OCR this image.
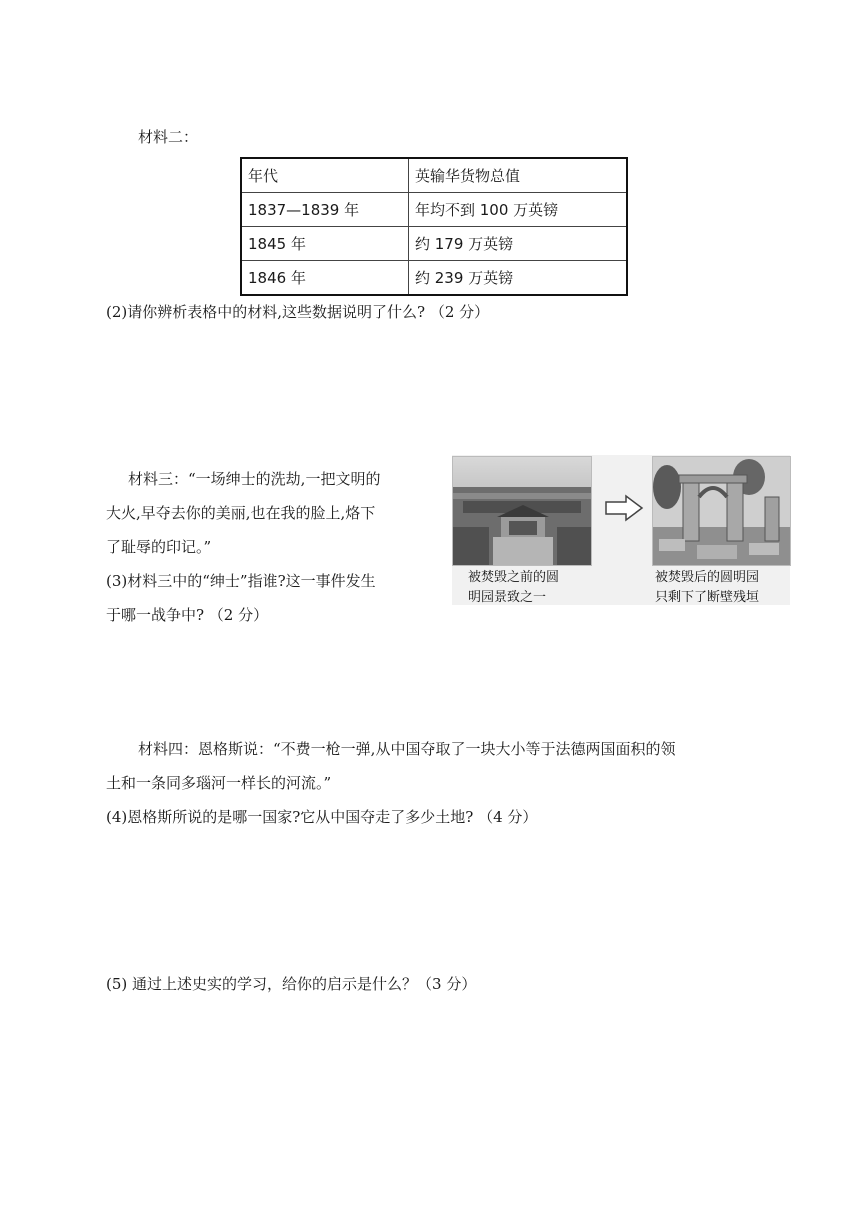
材料二：
年代	英输华货物总值
1837—1839 年	年均不到 100 万英镑
1845 年	约 179 万英镑
1846 年	约 239 万英镑
(2)请你辨析表格中的材料,这些数据说明了什么? （2 分）
材料三：“一场绅士的洗劫,一把文明的
大火,早夺去你的美丽,也在我的脸上,烙下
了耻辱的印记。”
(3)材料三中的“绅士”指谁?这一事件发生
于哪一战争中? （2 分）
被焚毁之前的圆
明园景致之一
被焚毁后的圆明园
只剩下了断壁残垣
材料四：恩格斯说：“不费一枪一弹,从中国夺取了一块大小等于法德两国面积的领
土和一条同多瑙河一样长的河流。”
(4)恩格斯所说的是哪一国家?它从中国夺走了多少土地? （4 分）
(5) 通过上述史实的学习，给你的启示是什么？（3 分）
